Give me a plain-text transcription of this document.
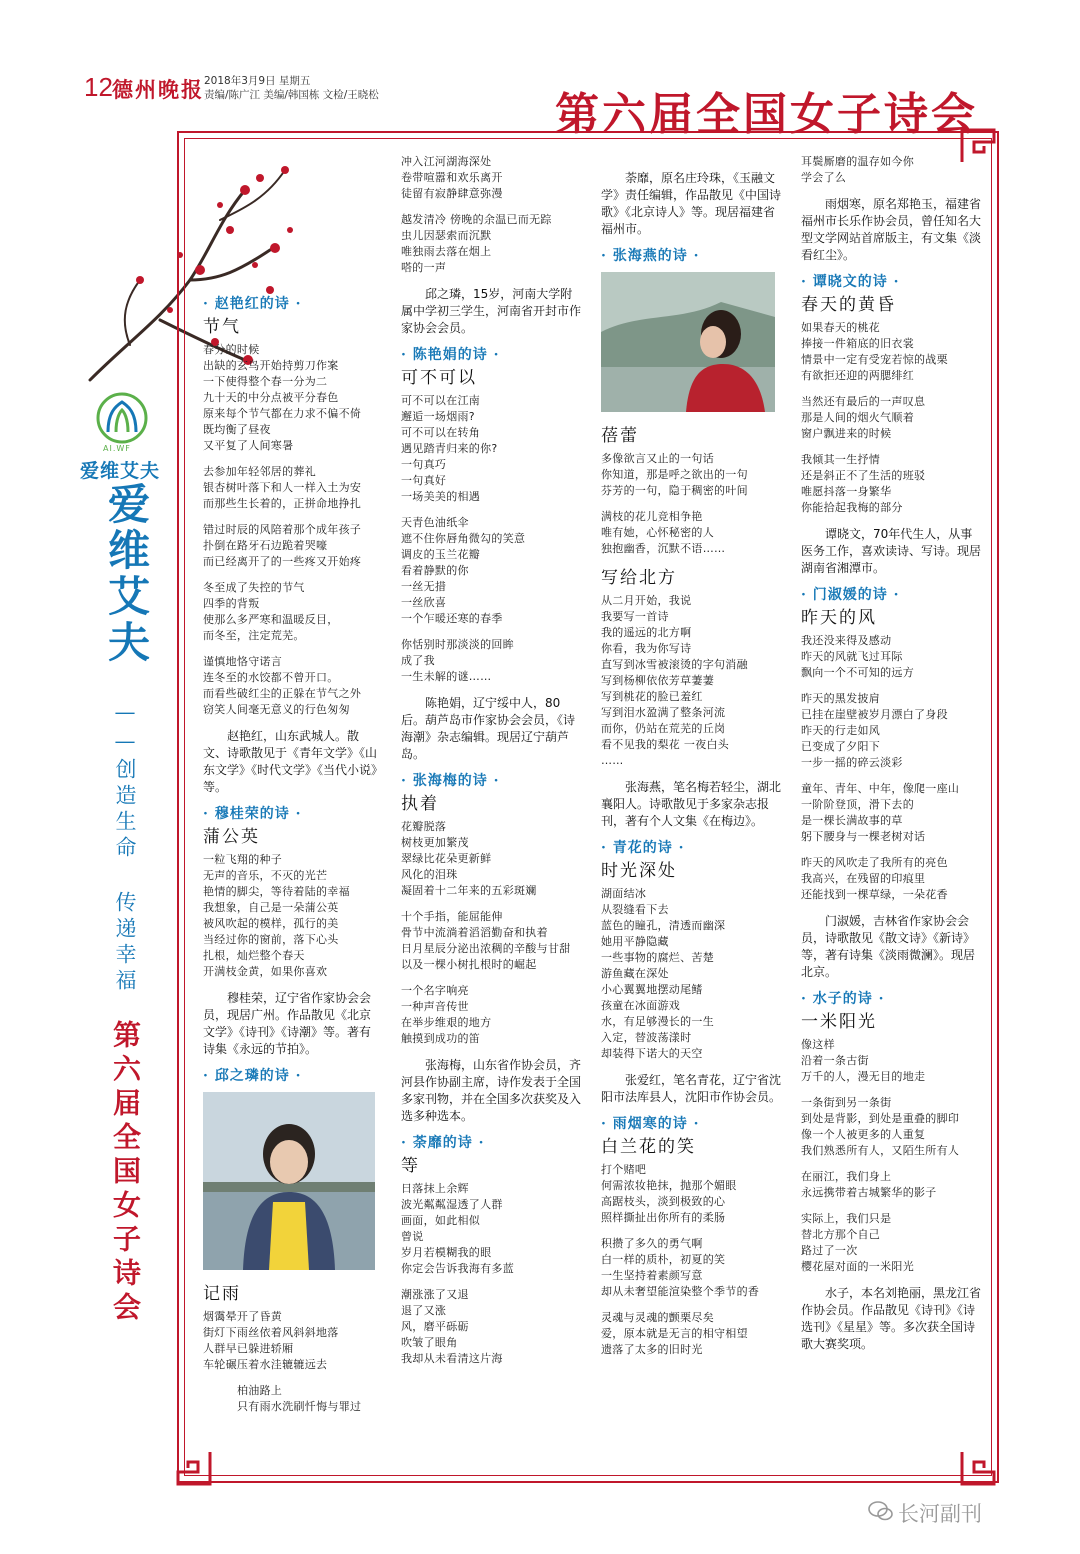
12 德州晚报 2018年3月9日 星期五
责编/陈广江 美编/韩国栋 文检/王晓松	第六届全国女子诗会
AI.WF
爱维艾夫
爱维艾夫
——创造生命 传递幸福
第六届全国女子诗会
· 赵艳红的诗 ·
节气
春分的时候
出缺的玄鸟开始持剪刀作案
一下使得整个春一分为二
九十天的中分点被平分春色
原来每个节气都在力求不偏不倚
既均衡了昼夜
又平复了人间寒暑
去参加年轻邻居的葬礼
银杏树叶落下和人一样入土为安
而那些生长着的，正拼命地挣扎
错过时辰的风陪着那个成年孩子
扑倒在路牙石边跪着哭嚎
而已经离开了的一些疼又开始疼
冬至成了失控的节气
四季的背叛
使那么多严寒和温暖反目，
而冬至，注定荒芜。
谨慎地恪守诺言
连冬至的水饺都不曾开口。
而看些破红尘的正躲在节气之外
窃笑人间毫无意义的行色匆匆
赵艳红，山东武城人。散文、诗歌散见于《青年文学》《山东文学》《时代文学》《当代小说》等。
· 穆桂荣的诗 ·
蒲公英
一粒飞翔的种子
无声的音乐，不灭的光芒
艳情的脚尖，等待着陆的幸福
我想象，自己是一朵蒲公英
被风吹起的模样，孤行的美
当经过你的窗前，落下心头
扎根，灿烂整个春天
开满枝金黄，如果你喜欢
穆桂荣，辽宁省作家协会会员，现居广州。作品散见《北京文学》《诗刊》《诗潮》等。著有诗集《永远的节拍》。
· 邱之璘的诗 ·
记雨
烟霭晕开了昏黄
街灯下雨丝依着风斜斜地落
人群早已躲进轿厢
车轮碾压着水洼辘辘远去
柏油路上
只有雨水洗刷忏悔与罪过
冲入江河湖海深处
卷带喧嚣和欢乐离开
徒留有寂静肆意弥漫
越发清冷 傍晚的余温已而无踪
虫儿因瑟索而沉默
唯独雨去落在烟上
嗒的一声
邱之璘，15岁，河南大学附属中学初三学生，河南省开封市作家协会会员。
· 陈艳娟的诗 ·
可不可以
可不可以在江南
邂逅一场烟雨?
可不可以在转角
遇见踏青归来的你?
一句真巧
一句真好
一场美美的相遇
天青色油纸伞
遮不住你唇角微勾的笑意
调皮的玉兰花瓣
看着静默的你
一丝无措
一丝欣喜
一个乍暖还寒的春季
你恬别时那淡淡的回眸
成了我
一生未解的谜……
陈艳娟，辽宁绥中人，80后。葫芦岛市作家协会会员，《诗海潮》杂志编辑。现居辽宁葫芦岛。
· 张海梅的诗 ·
执着
花瓣脱落
树枝更加繁茂
翠绿比花朵更新鲜
风化的泪珠
凝固着十二年来的五彩斑斓
十个手指，能屈能伸
骨节中流淌着滔滔勤奋和执着
日月星辰分泌出浓稠的辛酸与甘甜
以及一棵小树扎根时的崛起
一个名字响亮
一种声音传世
在举步维艰的地方
触摸到成功的笛
张海梅，山东省作协会员，齐河县作协副主席，诗作发表于全国多家刊物，并在全国多次获奖及入选多种选本。
· 荼靡的诗 ·
等
日落抹上余辉
波光粼粼湿透了人群
画面，如此相似
曾说
岁月若模糊我的眼
你定会告诉我海有多蓝
潮涨涨了又退
退了又涨
风，磨平砾砺
吹皱了眼角
我却从未看清这片海
荼靡，原名庄玲珠，《玉融文学》责任编辑，作品散见《中国诗歌》《北京诗人》等。现居福建省福州市。
· 张海燕的诗 ·
蓓蕾
多像欲言又止的一句话
你知道，那是呼之欲出的一句
芬芳的一句，隐于稠密的叶间
满枝的花儿竞相争艳
唯有她，心怀秘密的人
独抱幽香，沉默不语……
写给北方
从二月开始，我说
我要写一首诗
我的遥远的北方啊
你看，我为你写诗
直写到冰雪被滚烫的字句消融
写到杨柳依依芳草萋萋
写到桃花的脸已羞红
写到泪水盈满了整条河流
而你，仍站在荒芜的丘岗
看不见我的梨花 一夜白头
……
张海燕，笔名梅若轻尘，湖北襄阳人。诗歌散见于多家杂志报刊，著有个人文集《在梅边》。
· 青花的诗 ·
时光深处
湖面结冰
从裂缝看下去
蓝色的瞳孔，清透而幽深
她用平静隐藏
一些事物的腐烂、苦楚
游鱼藏在深处
小心翼翼地摆动尾鳍
孩童在冰面游戏
水，有足够漫长的一生
入定，替波荡漾时
却装得下诺大的天空
张爱红，笔名青花，辽宁省沈阳市法库县人，沈阳市作协会员。
· 雨烟寒的诗 ·
白兰花的笑
打个赌吧
何需浓妆艳抹，抛那个媚眼
高踞枝头，淡到极致的心
照样撕扯出你所有的柔肠
积攒了多久的勇气啊
白一样的质朴，初夏的笑
一生坚持着素颜写意
却从未奢望能渲染整个季节的香
灵魂与灵魂的颤栗尽矣
爱，原本就是无言的相守相望
遗落了太多的旧时光
耳鬓厮磨的温存如今你
学会了么
雨烟寒，原名郑艳玉，福建省福州市长乐作协会员，曾任知名大型文学网站首席版主，有文集《淡看红尘》。
· 谭晓文的诗 ·
春天的黄昏
如果春天的桃花
捧接一件箱底的旧衣裳
情景中一定有受宠若惊的战栗
有欲拒还迎的两腮绯红
当然还有最后的一声叹息
那是人间的烟火气顺着
窗户飘进来的时候
我倾其一生抒情
还是斜正不了生活的班驳
唯愿抖落一身繁华
你能拾起我梅的部分
谭晓文，70年代生人，从事医务工作，喜欢读诗、写诗。现居湖南省湘潭市。
· 门淑媛的诗 ·
昨天的风
我还没来得及感动
昨天的风就飞过耳际
飘向一个不可知的远方
昨天的黑发披肩
已挂在崖壁被岁月漂白了身段
昨天的行走如风
已变成了夕阳下
一步一摇的碎云淡彩
童年、青年、中年，像爬一座山
一阶阶登顶，滑下去的
是一棵长满故事的草
躬下腰身与一棵老树对话
昨天的风吹走了我所有的亮色
我高兴，在残留的印痕里
还能找到一棵草绿，一朵花香
门淑媛，吉林省作家协会会员，诗歌散见《散文诗》《新诗》等，著有诗集《淡雨微澜》。现居北京。
· 水子的诗 ·
一米阳光
像这样
沿着一条古街
万千的人，漫无目的地走
一条街到另一条街
到处是背影，到处是重叠的脚印
像一个人被更多的人重复
我们熟悉所有人，又陌生所有人
在丽江，我们身上
永远携带着古城繁华的影子
实际上，我们只是
替北方那个自己
路过了一次
樱花屋对面的一米阳光
水子，本名刘艳丽，黑龙江省作协会员。作品散见《诗刊》《诗选刊》《星星》等。多次获全国诗歌大赛奖项。
长河副刊
